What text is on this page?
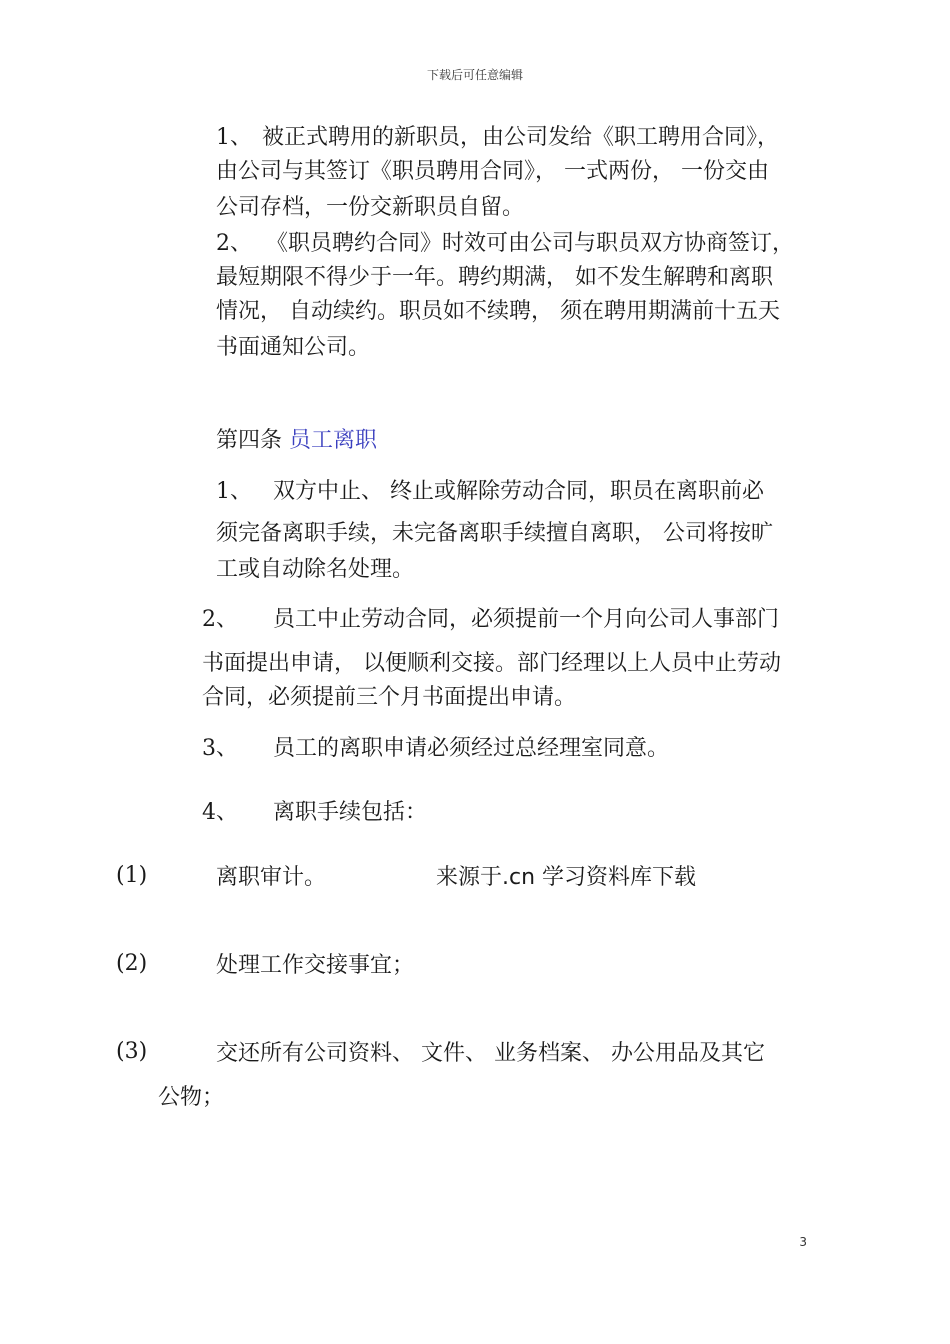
下载后可任意编辑
1、 被正式聘用的新职员，由公司发给《职工聘用合同》，
由公司与其签订《职员聘用合同》， 一式两份， 一份交由
公司存档，一份交新职员自留。
2、 《职员聘约合同》时效可由公司与职员双方协商签订，
最短期限不得少于一年。聘约期满， 如不发生解聘和离职
情况， 自动续约。职员如不续聘， 须在聘用期满前十五天
书面通知公司。
第四条 员工离职
1、 双方中止、 终止或解除劳动合同，职员在离职前必
须完备离职手续，未完备离职手续擅自离职， 公司将按旷
工或自动除名处理。
2、 员工中止劳动合同，必须提前一个月向公司人事部门
书面提出申请， 以便顺利交接。部门经理以上人员中止劳动
合同，必须提前三个月书面提出申请。
3、 员工的离职申请必须经过总经理室同意。
4、 离职手续包括：
(1)	离职审计。	来源于.cn 学习资料库下载
(2)	处理工作交接事宜；
(3)	交还所有公司资料、 文件、 业务档案、 办公用品及其它
公物；
3
